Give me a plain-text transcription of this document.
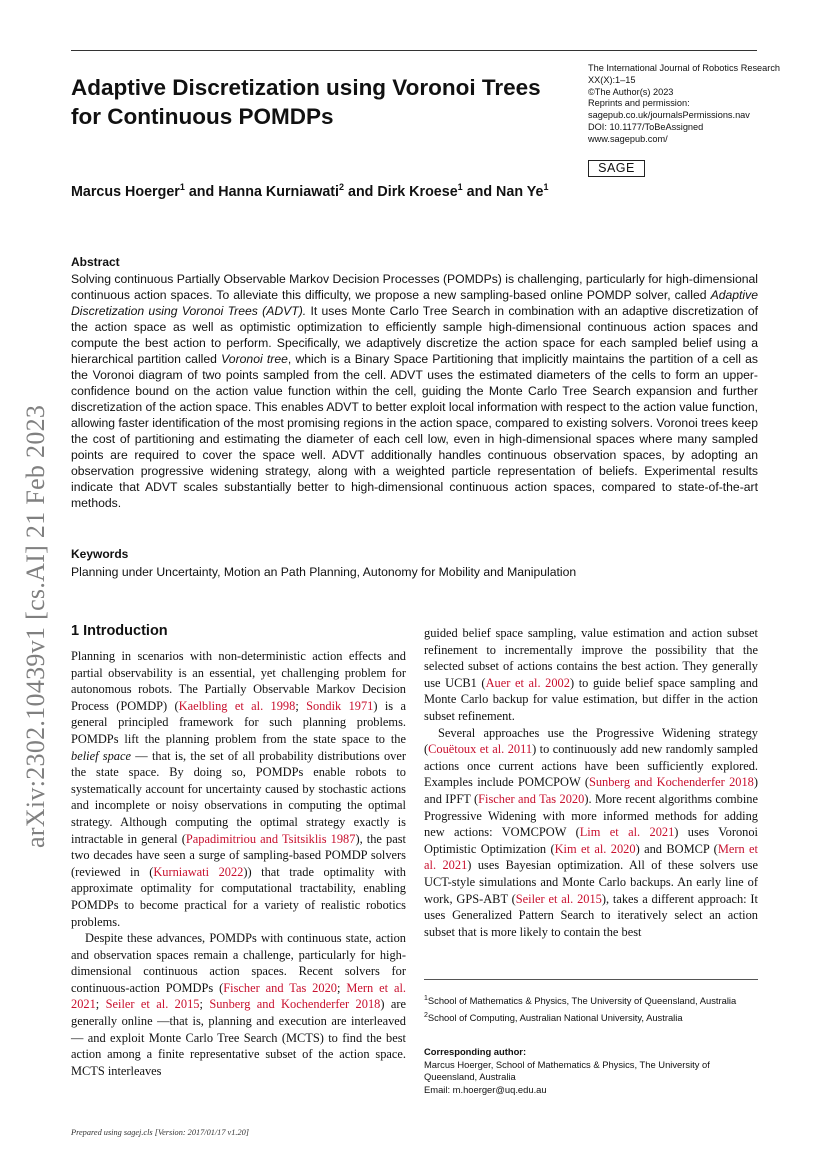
Adaptive Discretization using Voronoi Trees for Continuous POMDPs
The International Journal of Robotics Research
XX(X):1–15
©The Author(s) 2023
Reprints and permission:
sagepub.co.uk/journalsPermissions.nav
DOI: 10.1177/ToBeAssigned
www.sagepub.com/
SAGE
Marcus Hoerger$^1$ and Hanna Kurniawati$^2$ and Dirk Kroese$^1$ and Nan Ye$^1$
Abstract
Solving continuous Partially Observable Markov Decision Processes (POMDPs) is challenging, particularly for high-dimensional continuous action spaces. To alleviate this difficulty, we propose a new sampling-based online POMDP solver, called Adaptive Discretization using Voronoi Trees (ADVT). It uses Monte Carlo Tree Search in combination with an adaptive discretization of the action space as well as optimistic optimization to efficiently sample high-dimensional continuous action spaces and compute the best action to perform. Specifically, we adaptively discretize the action space for each sampled belief using a hierarchical partition called Voronoi tree, which is a Binary Space Partitioning that implicitly maintains the partition of a cell as the Voronoi diagram of two points sampled from the cell. ADVT uses the estimated diameters of the cells to form an upper-confidence bound on the action value function within the cell, guiding the Monte Carlo Tree Search expansion and further discretization of the action space. This enables ADVT to better exploit local information with respect to the action value function, allowing faster identification of the most promising regions in the action space, compared to existing solvers. Voronoi trees keep the cost of partitioning and estimating the diameter of each cell low, even in high-dimensional spaces where many sampled points are required to cover the space well. ADVT additionally handles continuous observation spaces, by adopting an observation progressive widening strategy, along with a weighted particle representation of beliefs. Experimental results indicate that ADVT scales substantially better to high-dimensional continuous action spaces, compared to state-of-the-art methods.
Keywords
Planning under Uncertainty, Motion an Path Planning, Autonomy for Mobility and Manipulation
arXiv:2302.10439v1 [cs.AI] 21 Feb 2023 1 Introduction

Planning in scenarios with non-deterministic action effects and partial observability is an essential, yet challenging problem for autonomous robots. The Partially Observable Markov Decision Process (POMDP) (Kaelbling et al. 1998; Sondik 1971) is a general principled framework for such planning problems. POMDPs lift the planning problem from the state space to the belief space — that is, the set of all probability distributions over the state space. By doing so, POMDPs enable robots to systematically account for uncertainty caused by stochastic actions and incomplete or noisy observations in computing the optimal strategy. Although computing the optimal strategy exactly is intractable in general (Papadimitriou and Tsitsiklis 1987), the past two decades have seen a surge of sampling-based POMDP solvers (reviewed in (Kurniawati 2022)) that trade optimality with approximate optimality for computational tractability, enabling POMDPs to become practical for a variety of realistic robotics problems.

Despite these advances, POMDPs with continuous state, action and observation spaces remain a challenge, particularly for high-dimensional continuous action spaces. Recent solvers for continuous-action POMDPs (Fischer and Tas 2020; Mern et al. 2021; Seiler et al. 2015; Sunberg and Kochenderfer 2018) are generally online —that is, planning and execution are interleaved— and exploit Monte Carlo Tree Search (MCTS) to find the best action among a finite representative subset of the action space. MCTS interleaves

guided belief space sampling, value estimation and action subset refinement to incrementally improve the possibility that the selected subset of actions contains the best action. They generally use UCB1 (Auer et al. 2002) to guide belief space sampling and Monte Carlo backup for value estimation, but differ in the action subset refinement.

Several approaches use the Progressive Widening strategy (Couëtoux et al. 2011) to continuously add new randomly sampled actions once current actions have been sufficiently explored. Examples include POMCPOW (Sunberg and Kochenderfer 2018) and IPFT (Fischer and Tas 2020). More recent algorithms combine Progressive Widening with more informed methods for adding new actions: VOMCPOW (Lim et al. 2021) uses Voronoi Optimistic Optimization (Kim et al. 2020) and BOMCP (Mern et al. 2021) uses Bayesian optimization. All of these solvers use UCT-style simulations and Monte Carlo backups. An early line of work, GPS-ABT (Seiler et al. 2015), takes a different approach: It uses Generalized Pattern Search to iteratively select an action subset that is more likely to contain the best

$^1$School of Mathematics & Physics, The University of Queensland, Australia
$^2$School of Computing, Australian National University, Australia
Corresponding author:
Marcus Hoerger, School of Mathematics & Physics, The University of Queensland, Australia
Email: m.hoerger@uq.edu.au
Prepared using sagej.cls [Version: 2017/01/17 v1.20]
